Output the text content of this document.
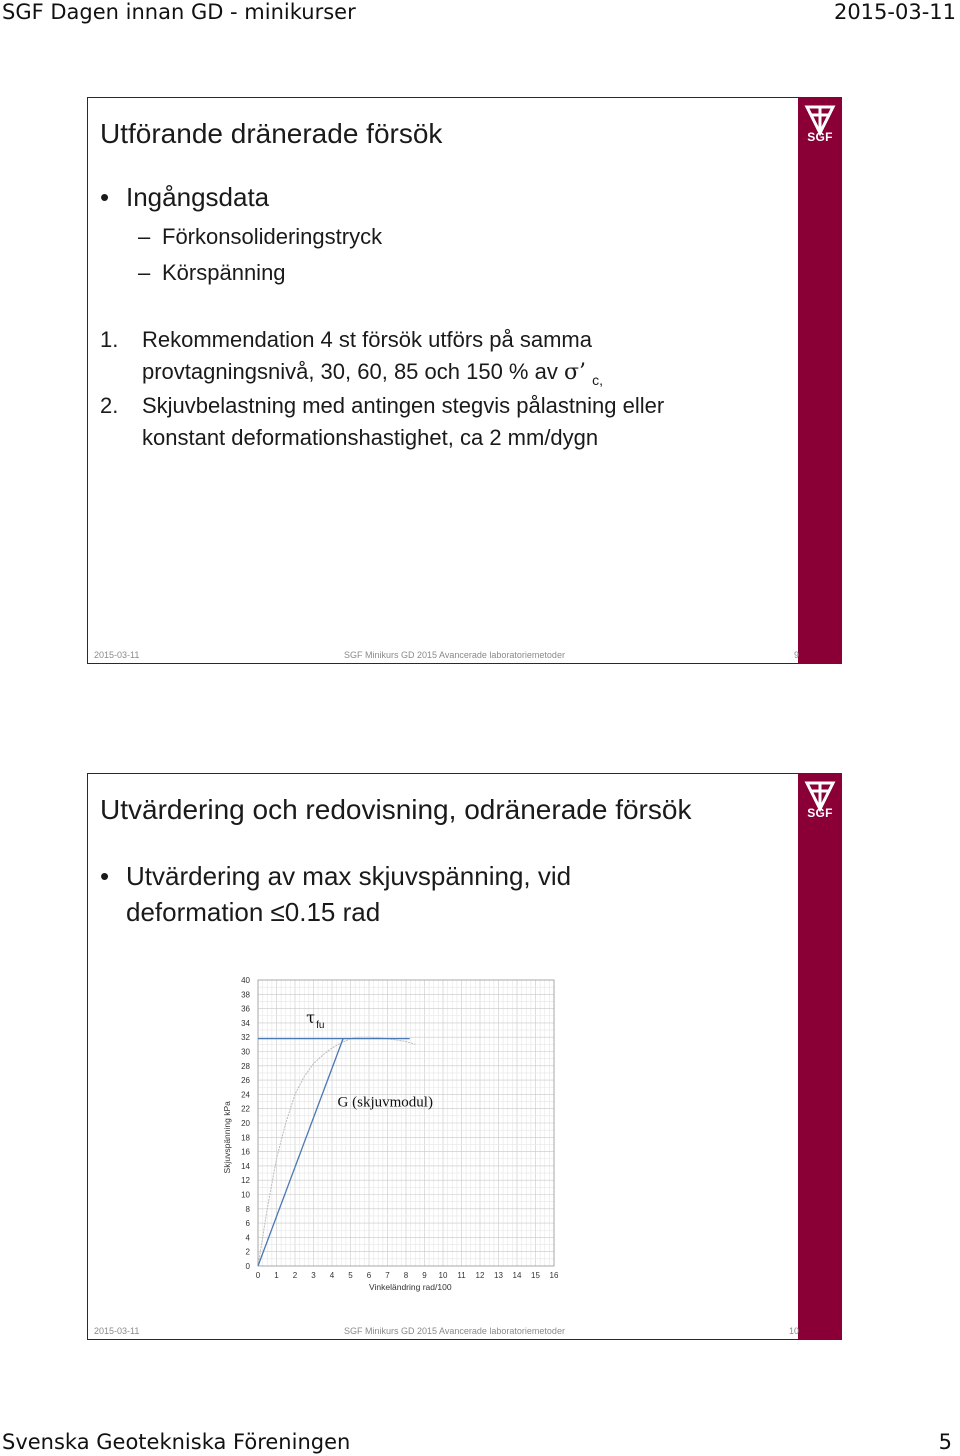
SGF Dagen innan GD - minikurser	2015-03-11
SGF
Utförande dränerade försök
• Ingångsdata
– Förkonsolideringstryck
– Körspänning
1. Rekommendation 4 st försök utförs på samma
provtagningsnivå, 30, 60, 85 och 150 % av σ’ $_{c,}$
2. Skjuvbelastning med antingen stegvis pålastning eller
konstant deformationshastighet, ca 2 mm/dygn
2015-03-11	SGF Minikurs GD 2015 Avancerade laboratoriemetoder	9
SGF
Utvärdering och redovisning, odränerade försök
• Utvärdering av max skjuvspänning, vid
deformation ≤0.15 rad
0
2
4
6
8
10
12
14
16
18
20
22
24
26
28
30
32
34
36
38
40
0 1 2 3 4 5 6 7 8 9 10 11 12 13 14 15 16
Vinkeländring rad/100
Skjuvspänning kPa
τ fu
G (skjuvmodul)
2015-03-11	SGF Minikurs GD 2015 Avancerade laboratoriemetoder	10
Svenska Geotekniska Föreningen	5
